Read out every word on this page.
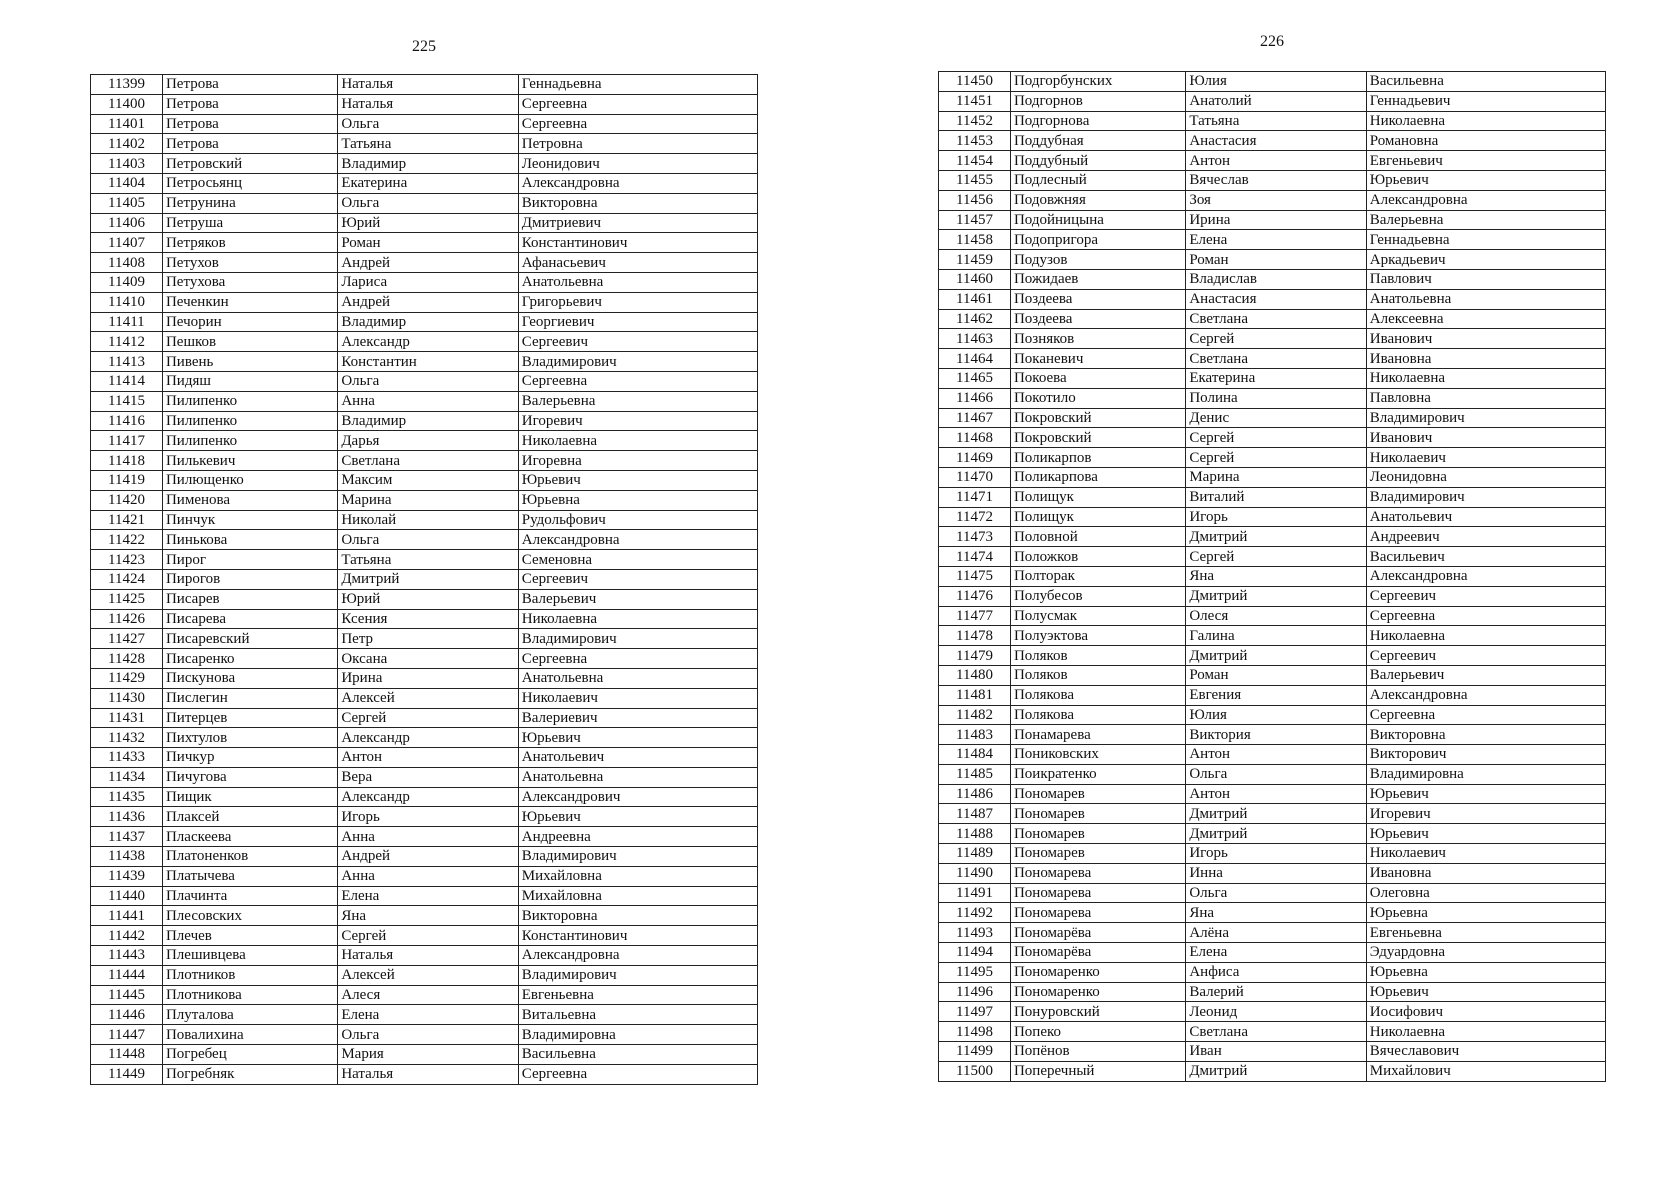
225
11399	Петрова	Наталья	Геннадьевна
11400	Петрова	Наталья	Сергеевна
11401	Петрова	Ольга	Сергеевна
11402	Петрова	Татьяна	Петровна
11403	Петровский	Владимир	Леонидович
11404	Петросьянц	Екатерина	Александровна
11405	Петрунина	Ольга	Викторовна
11406	Петруша	Юрий	Дмитриевич
11407	Петряков	Роман	Константинович
11408	Петухов	Андрей	Афанасьевич
11409	Петухова	Лариса	Анатольевна
11410	Печенкин	Андрей	Григорьевич
11411	Печорин	Владимир	Георгиевич
11412	Пешков	Александр	Сергеевич
11413	Пивень	Константин	Владимирович
11414	Пидяш	Ольга	Сергеевна
11415	Пилипенко	Анна	Валерьевна
11416	Пилипенко	Владимир	Игоревич
11417	Пилипенко	Дарья	Николаевна
11418	Пилькевич	Светлана	Игоревна
11419	Пилющенко	Максим	Юрьевич
11420	Пименова	Марина	Юрьевна
11421	Пинчук	Николай	Рудольфович
11422	Пинькова	Ольга	Александровна
11423	Пирог	Татьяна	Семеновна
11424	Пирогов	Дмитрий	Сергеевич
11425	Писарев	Юрий	Валерьевич
11426	Писарева	Ксения	Николаевна
11427	Писаревский	Петр	Владимирович
11428	Писаренко	Оксана	Сергеевна
11429	Пискунова	Ирина	Анатольевна
11430	Пислегин	Алексей	Николаевич
11431	Питерцев	Сергей	Валериевич
11432	Пихтулов	Александр	Юрьевич
11433	Пичкур	Антон	Анатольевич
11434	Пичугова	Вера	Анатольевна
11435	Пищик	Александр	Александрович
11436	Плаксей	Игорь	Юрьевич
11437	Пласкеева	Анна	Андреевна
11438	Платоненков	Андрей	Владимирович
11439	Платычева	Анна	Михайловна
11440	Плачинта	Елена	Михайловна
11441	Плесовских	Яна	Викторовна
11442	Плечев	Сергей	Константинович
11443	Плешивцева	Наталья	Александровна
11444	Плотников	Алексей	Владимирович
11445	Плотникова	Алеся	Евгеньевна
11446	Плуталова	Елена	Витальевна
11447	Повалихина	Ольга	Владимировна
11448	Погребец	Мария	Васильевна
11449	Погребняк	Наталья	Сергеевна
226
11450	Подгорбунских	Юлия	Васильевна
11451	Подгорнов	Анатолий	Геннадьевич
11452	Подгорнова	Татьяна	Николаевна
11453	Поддубная	Анастасия	Романовна
11454	Поддубный	Антон	Евгеньевич
11455	Подлесный	Вячеслав	Юрьевич
11456	Подовжняя	Зоя	Александровна
11457	Подойницына	Ирина	Валерьевна
11458	Подопригора	Елена	Геннадьевна
11459	Подузов	Роман	Аркадьевич
11460	Пожидаев	Владислав	Павлович
11461	Поздеева	Анастасия	Анатольевна
11462	Поздеева	Светлана	Алексеевна
11463	Позняков	Сергей	Иванович
11464	Поканевич	Светлана	Ивановна
11465	Покоева	Екатерина	Николаевна
11466	Покотило	Полина	Павловна
11467	Покровский	Денис	Владимирович
11468	Покровский	Сергей	Иванович
11469	Поликарпов	Сергей	Николаевич
11470	Поликарпова	Марина	Леонидовна
11471	Полищук	Виталий	Владимирович
11472	Полищук	Игорь	Анатольевич
11473	Половной	Дмитрий	Андреевич
11474	Положков	Сергей	Васильевич
11475	Полторак	Яна	Александровна
11476	Полубесов	Дмитрий	Сергеевич
11477	Полусмак	Олеся	Сергеевна
11478	Полуэктова	Галина	Николаевна
11479	Поляков	Дмитрий	Сергеевич
11480	Поляков	Роман	Валерьевич
11481	Полякова	Евгения	Александровна
11482	Полякова	Юлия	Сергеевна
11483	Понамарева	Виктория	Викторовна
11484	Пониковских	Антон	Викторович
11485	Поикратенко	Ольга	Владимировна
11486	Пономарев	Антон	Юрьевич
11487	Пономарев	Дмитрий	Игоревич
11488	Пономарев	Дмитрий	Юрьевич
11489	Пономарев	Игорь	Николаевич
11490	Пономарева	Инна	Ивановна
11491	Пономарева	Ольга	Олеговна
11492	Пономарева	Яна	Юрьевна
11493	Пономарёва	Алёна	Евгеньевна
11494	Пономарёва	Елена	Эдуардовна
11495	Пономаренко	Анфиса	Юрьевна
11496	Пономаренко	Валерий	Юрьевич
11497	Понуровский	Леонид	Иосифович
11498	Попеко	Светлана	Николаевна
11499	Попёнов	Иван	Вячеславович
11500	Поперечный	Дмитрий	Михайлович
